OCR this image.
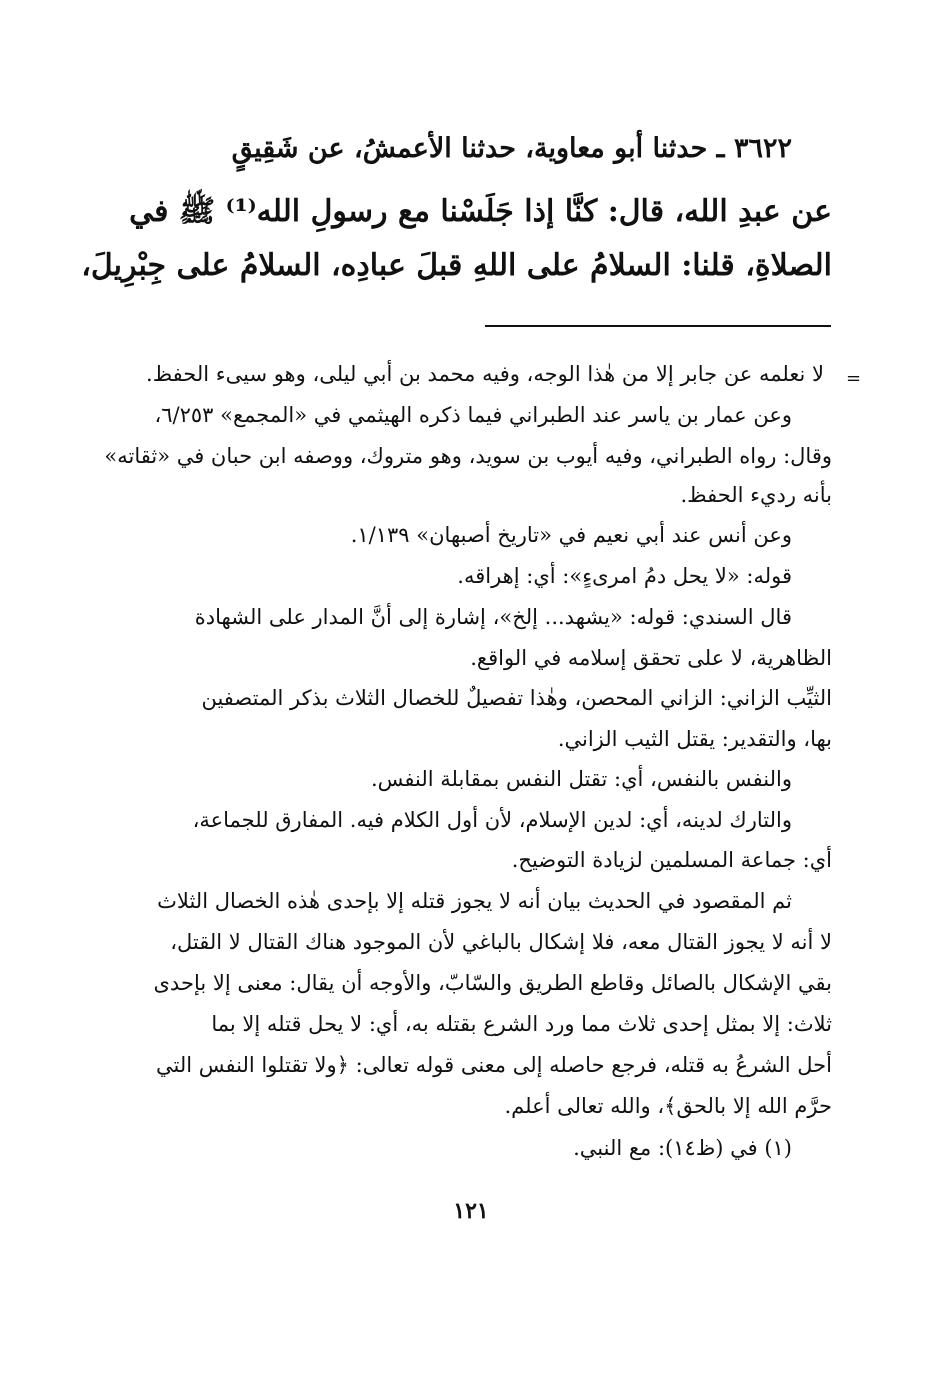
٣٦٢٢ ـ حدثنا أبو معاوية، حدثنا الأعمشُ، عن شَقِيقٍ
عن عبدِ الله، قال: كنَّا إذا جَلَسْنا مع رسولِ الله⁽¹⁾ ﷺ في
الصلاةِ، قلنا: السلامُ على اللهِ قبلَ عبادِه، السلامُ على جِبْرِيلَ،
=
لا نعلمه عن جابر إلا من هٰذا الوجه، وفيه محمد بن أبي ليلى، وهو سيىء الحفظ.
وعن عمار بن ياسر عند الطبراني فيما ذكره الهيثمي في «المجمع» ٦/٢٥٣،
وقال: رواه الطبراني، وفيه أيوب بن سويد، وهو متروك، ووصفه ابن حبان في «ثقاته»
بأنه رديء الحفظ.
وعن أنس عند أبي نعيم في «تاريخ أصبهان» ١/١٣٩.
قوله: «لا يحل دمُ امرىءٍ»: أي: إهراقه.
قال السندي: قوله: «يشهد... إلخ»، إشارة إلى أنَّ المدار على الشهادة
الظاهرية، لا على تحقق إسلامه في الواقع.
الثيِّب الزاني: الزاني المحصن، وهٰذا تفصيلٌ للخصال الثلاث بذكر المتصفين
بها، والتقدير: يقتل الثيب الزاني.
والنفس بالنفس، أي: تقتل النفس بمقابلة النفس.
والتارك لدينه، أي: لدين الإسلام، لأن أول الكلام فيه. المفارق للجماعة،
أي: جماعة المسلمين لزيادة التوضيح.
ثم المقصود في الحديث بيان أنه لا يجوز قتله إلا بإحدى هٰذه الخصال الثلاث
لا أنه لا يجوز القتال معه، فلا إشكال بالباغي لأن الموجود هناك القتال لا القتل،
بقي الإشكال بالصائل وقاطع الطريق والسّابّ، والأوجه أن يقال: معنى إلا بإحدى
ثلاث: إلا بمثل إحدى ثلاث مما ورد الشرع بقتله به، أي: لا يحل قتله إلا بما
أحل الشرعُ به قتله، فرجع حاصله إلى معنى قوله تعالى: ﴿ولا تقتلوا النفس التي
حرَّم الله إلا بالحق﴾، والله تعالى أعلم.
(١) في (ظ١٤): مع النبي.
١٢١
